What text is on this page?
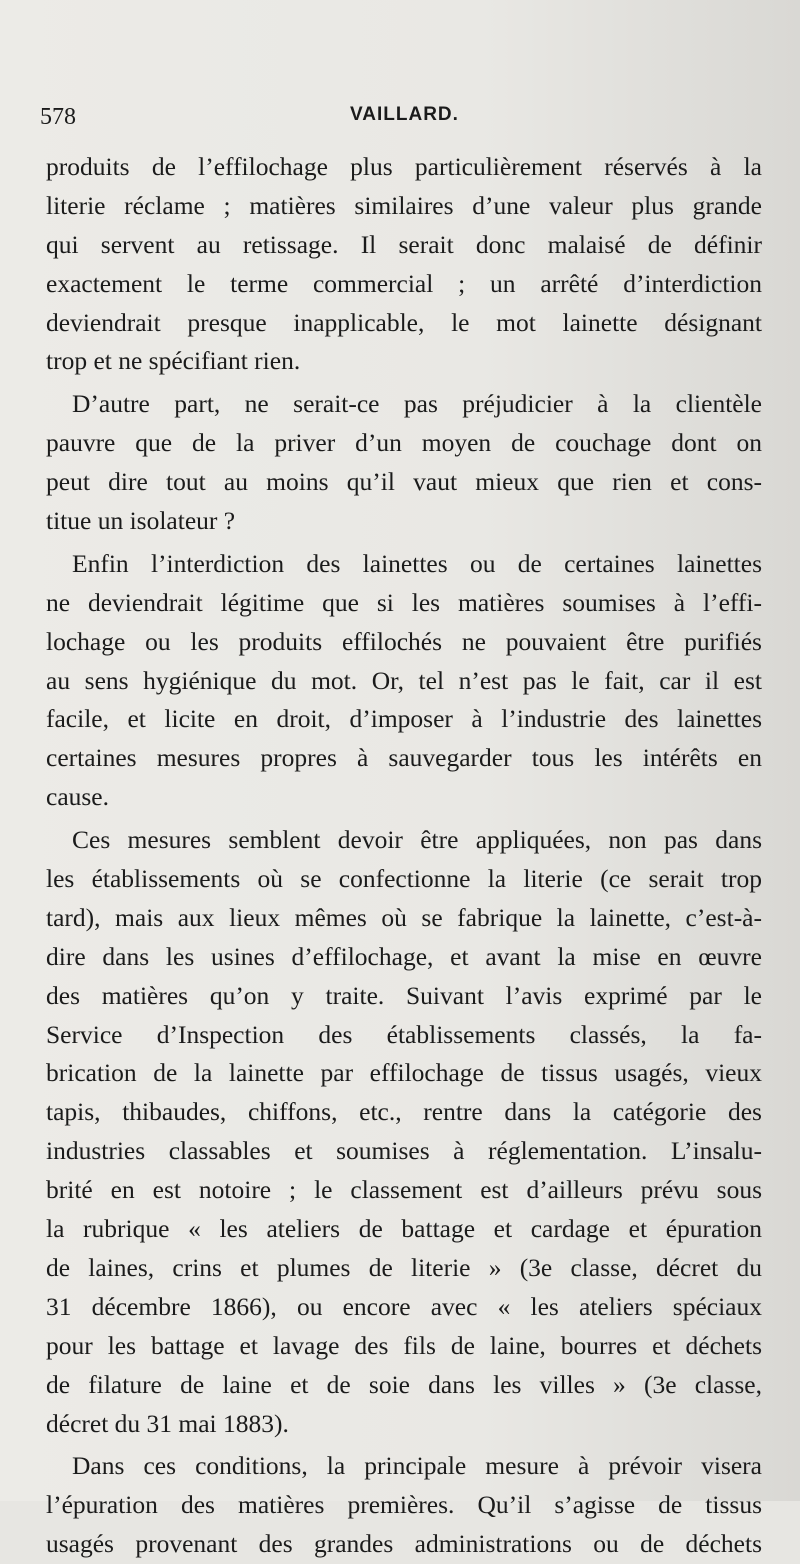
578	VAILLARD.
produits de l’effilochage plus particulièrement réservés à la
literie réclame ; matières similaires d’une valeur plus grande
qui servent au retissage. Il serait donc malaisé de définir
exactement le terme commercial ; un arrêté d’interdiction
deviendrait presque inapplicable, le mot lainette désignant
trop et ne spécifiant rien.
D’autre part, ne serait-ce pas préjudicier à la clientèle
pauvre que de la priver d’un moyen de couchage dont on
peut dire tout au moins qu’il vaut mieux que rien et cons-
titue un isolateur ?
Enfin l’interdiction des lainettes ou de certaines lainettes
ne deviendrait légitime que si les matières soumises à l’effi-
lochage ou les produits effilochés ne pouvaient être purifiés
au sens hygiénique du mot. Or, tel n’est pas le fait, car il est
facile, et licite en droit, d’imposer à l’industrie des lainettes
certaines mesures propres à sauvegarder tous les intérêts en
cause.
Ces mesures semblent devoir être appliquées, non pas dans
les établissements où se confectionne la literie (ce serait trop
tard), mais aux lieux mêmes où se fabrique la lainette, c’est-à-
dire dans les usines d’effilochage, et avant la mise en œuvre
des matières qu’on y traite. Suivant l’avis exprimé par le
Service d’Inspection des établissements classés, la fa-
brication de la lainette par effilochage de tissus usagés, vieux
tapis, thibaudes, chiffons, etc., rentre dans la catégorie des
industries classables et soumises à réglementation. L’insalu-
brité en est notoire ; le classement est d’ailleurs prévu sous
la rubrique « les ateliers de battage et cardage et épuration
de laines, crins et plumes de literie » (3e classe, décret du
31 décembre 1866), ou encore avec « les ateliers spéciaux
pour les battage et lavage des fils de laine, bourres et déchets
de filature de laine et de soie dans les villes » (3e classe,
décret du 31 mai 1883).
Dans ces conditions, la principale mesure à prévoir visera
l’épuration des matières premières. Qu’il s’agisse de tissus
usagés provenant des grandes administrations ou de déchets
